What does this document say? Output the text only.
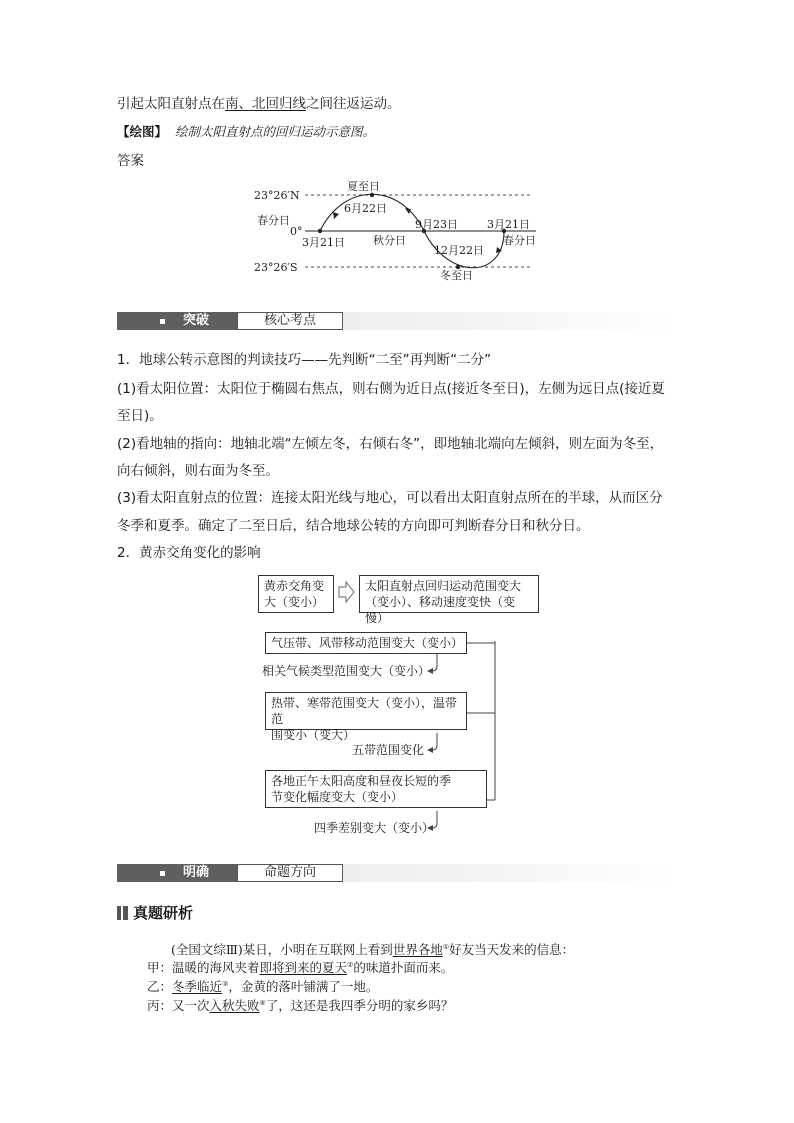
引起太阳直射点在南、北回归线之间往返运动。
【绘图】 绘制太阳直射点的回归运动示意图。
答案
23°26′N
春分日
0°
3月21日
23°26′S
夏至日
6月22日
9月23日
秋分日
12月22日
冬至日
3月21日
春分日
突破	核心考点
1．地球公转示意图的判读技巧——先判断“二至”再判断“二分”
(1)看太阳位置：太阳位于椭圆右焦点，则右侧为近日点(接近冬至日)，左侧为远日点(接近夏
至日)。
(2)看地轴的指向：地轴北端“左倾左冬，右倾右冬”，即地轴北端向左倾斜，则左面为冬至，
向右倾斜，则右面为冬至。
(3)看太阳直射点的位置：连接太阳光线与地心，可以看出太阳直射点所在的半球，从而区分
冬季和夏季。确定了二至日后，结合地球公转的方向即可判断春分日和秋分日。
2．黄赤交角变化的影响
黄赤交角变
大（变小）
太阳直射点回归运动范围变大
（变小）、移动速度变快（变慢）
气压带、风带移动范围变大（变小）
相关气候类型范围变大（变小）
热带、寒带范围变大（变小），温带范
围变小（变大）
五带范围变化
各地正午太阳高度和昼夜长短的季
节变化幅度变大（变小）
四季差别变大（变小）
明确	命题方向
真题研析
(全国文综Ⅲ)某日，小明在互联网上看到世界各地①好友当天发来的信息：
甲：温暖的海风夹着即将到来的夏天②的味道扑面而来。
乙：冬季临近③，金黄的落叶铺满了一地。
丙：又一次入秋失败④了，这还是我四季分明的家乡吗？
